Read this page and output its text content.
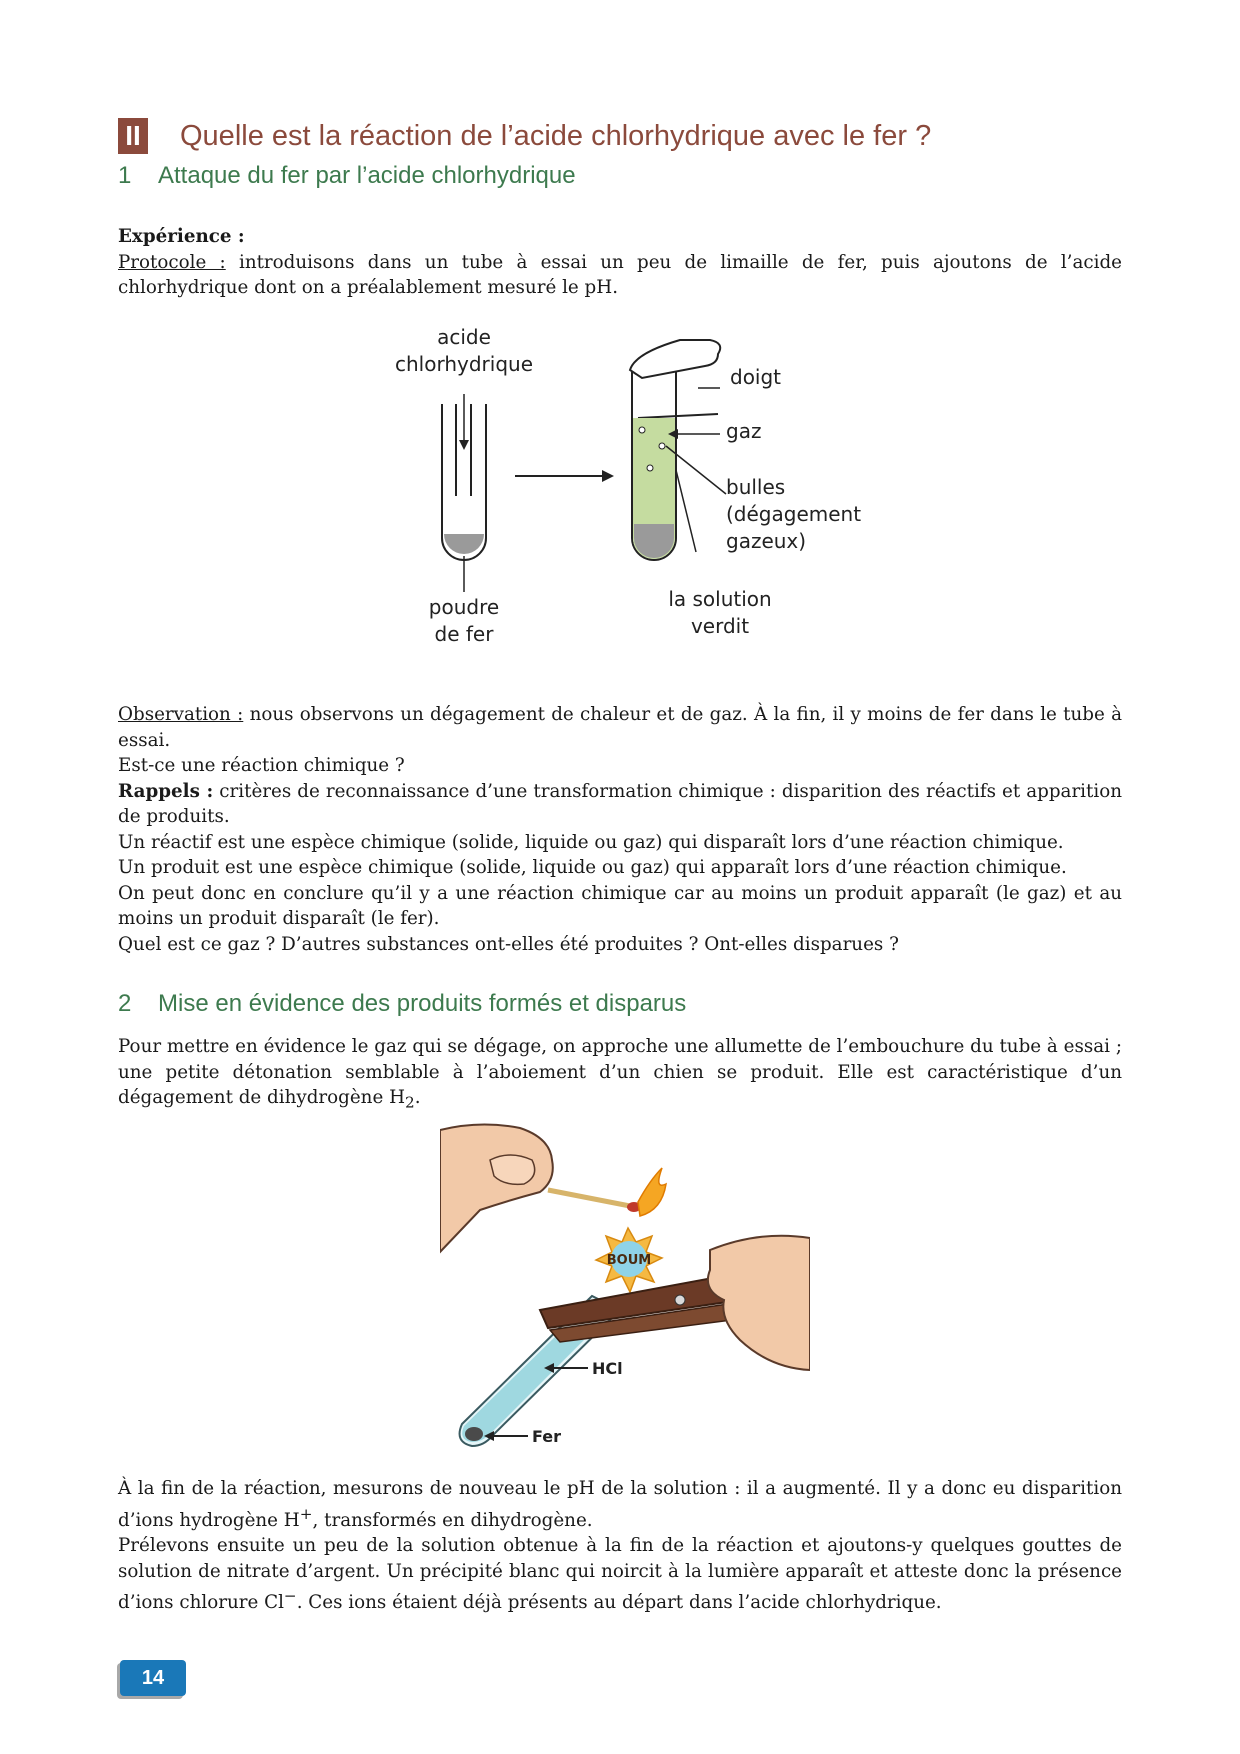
II Quelle est la réaction de l’acide chlorhydrique avec le fer ?
1 Attaque du fer par l’acide chlorhydrique

Expérience :

Protocole : introduisons dans un tube à essai un peu de limaille de fer, puis ajoutons de l’acide chlorhydrique dont on a préalablement mesuré le pH.

acide
chlorhydrique
poudre
de fer
doigt
gaz
bulles
(dégagement
gazeux)
la solution
verdit

Observation : nous observons un dégagement de chaleur et de gaz. À la fin, il y moins de fer dans le tube à essai.

Est-ce une réaction chimique ?

Rappels : critères de reconnaissance d’une transformation chimique : disparition des réactifs et apparition de produits.

Un réactif est une espèce chimique (solide, liquide ou gaz) qui disparaît lors d’une réaction chimique.

Un produit est une espèce chimique (solide, liquide ou gaz) qui apparaît lors d’une réaction chimique.

On peut donc en conclure qu’il y a une réaction chimique car au moins un produit apparaît (le gaz) et au moins un produit disparaît (le fer).

Quel est ce gaz ? D’autres substances ont-elles été produites ? Ont-elles disparues ?

2 Mise en évidence des produits formés et disparus

Pour mettre en évidence le gaz qui se dégage, on approche une allumette de l’embouchure du tube à essai ; une petite détonation semblable à l’aboiement d’un chien se produit. Elle est caractéristique d’un dégagement de dihydrogène $H_2$.

BOUM
HCl
Fer

À la fin de la réaction, mesurons de nouveau le pH de la solution : il a augmenté. Il y a donc eu disparition d’ions hydrogène H+, transformés en dihydrogène.

Prélevons ensuite un peu de la solution obtenue à la fin de la réaction et ajoutons-y quelques gouttes de solution de nitrate d’argent. Un précipité blanc qui noircit à la lumière apparaît et atteste donc la présence d’ions chlorure Cl−. Ces ions étaient déjà présents au départ dans l’acide chlorhydrique.

14
